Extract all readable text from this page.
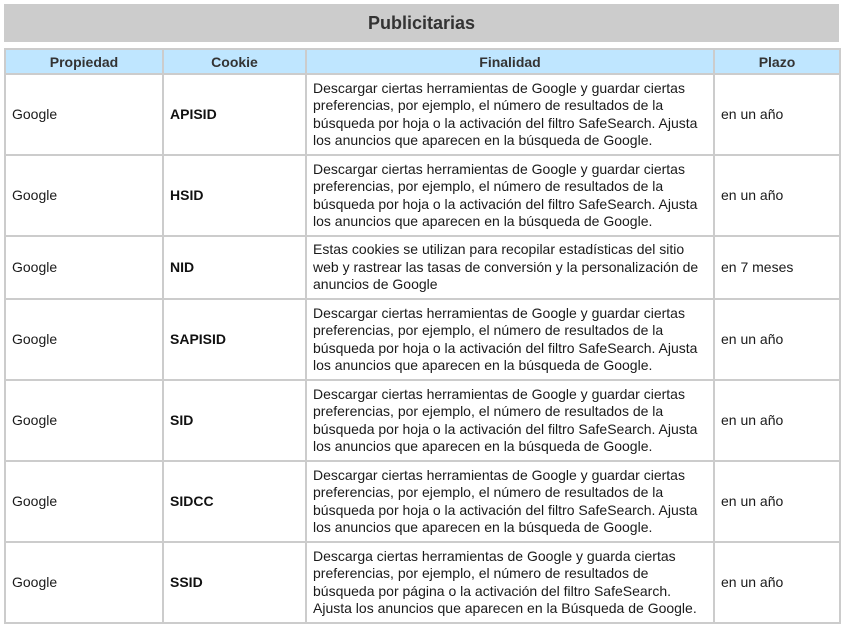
Publicitarias
Propiedad	Cookie	Finalidad	Plazo
Google	APISID	Descargar ciertas herramientas de Google y guardar ciertas preferencias, por ejemplo, el número de resultados de la búsqueda por hoja o la activación del filtro SafeSearch. Ajusta los anuncios que aparecen en la búsqueda de Google.	en un año
Google	HSID	Descargar ciertas herramientas de Google y guardar ciertas preferencias, por ejemplo, el número de resultados de la búsqueda por hoja o la activación del filtro SafeSearch. Ajusta los anuncios que aparecen en la búsqueda de Google.	en un año
Google	NID	Estas cookies se utilizan para recopilar estadísticas del sitio web y rastrear las tasas de conversión y la personalización de anuncios de Google	en 7 meses
Google	SAPISID	Descargar ciertas herramientas de Google y guardar ciertas preferencias, por ejemplo, el número de resultados de la búsqueda por hoja o la activación del filtro SafeSearch. Ajusta los anuncios que aparecen en la búsqueda de Google.	en un año
Google	SID	Descargar ciertas herramientas de Google y guardar ciertas preferencias, por ejemplo, el número de resultados de la búsqueda por hoja o la activación del filtro SafeSearch. Ajusta los anuncios que aparecen en la búsqueda de Google.	en un año
Google	SIDCC	Descargar ciertas herramientas de Google y guardar ciertas preferencias, por ejemplo, el número de resultados de la búsqueda por hoja o la activación del filtro SafeSearch. Ajusta los anuncios que aparecen en la búsqueda de Google.	en un año
Google	SSID	Descarga ciertas herramientas de Google y guarda ciertas preferencias, por ejemplo, el número de resultados de búsqueda por página o la activación del filtro SafeSearch. Ajusta los anuncios que aparecen en la Búsqueda de Google.	en un año
